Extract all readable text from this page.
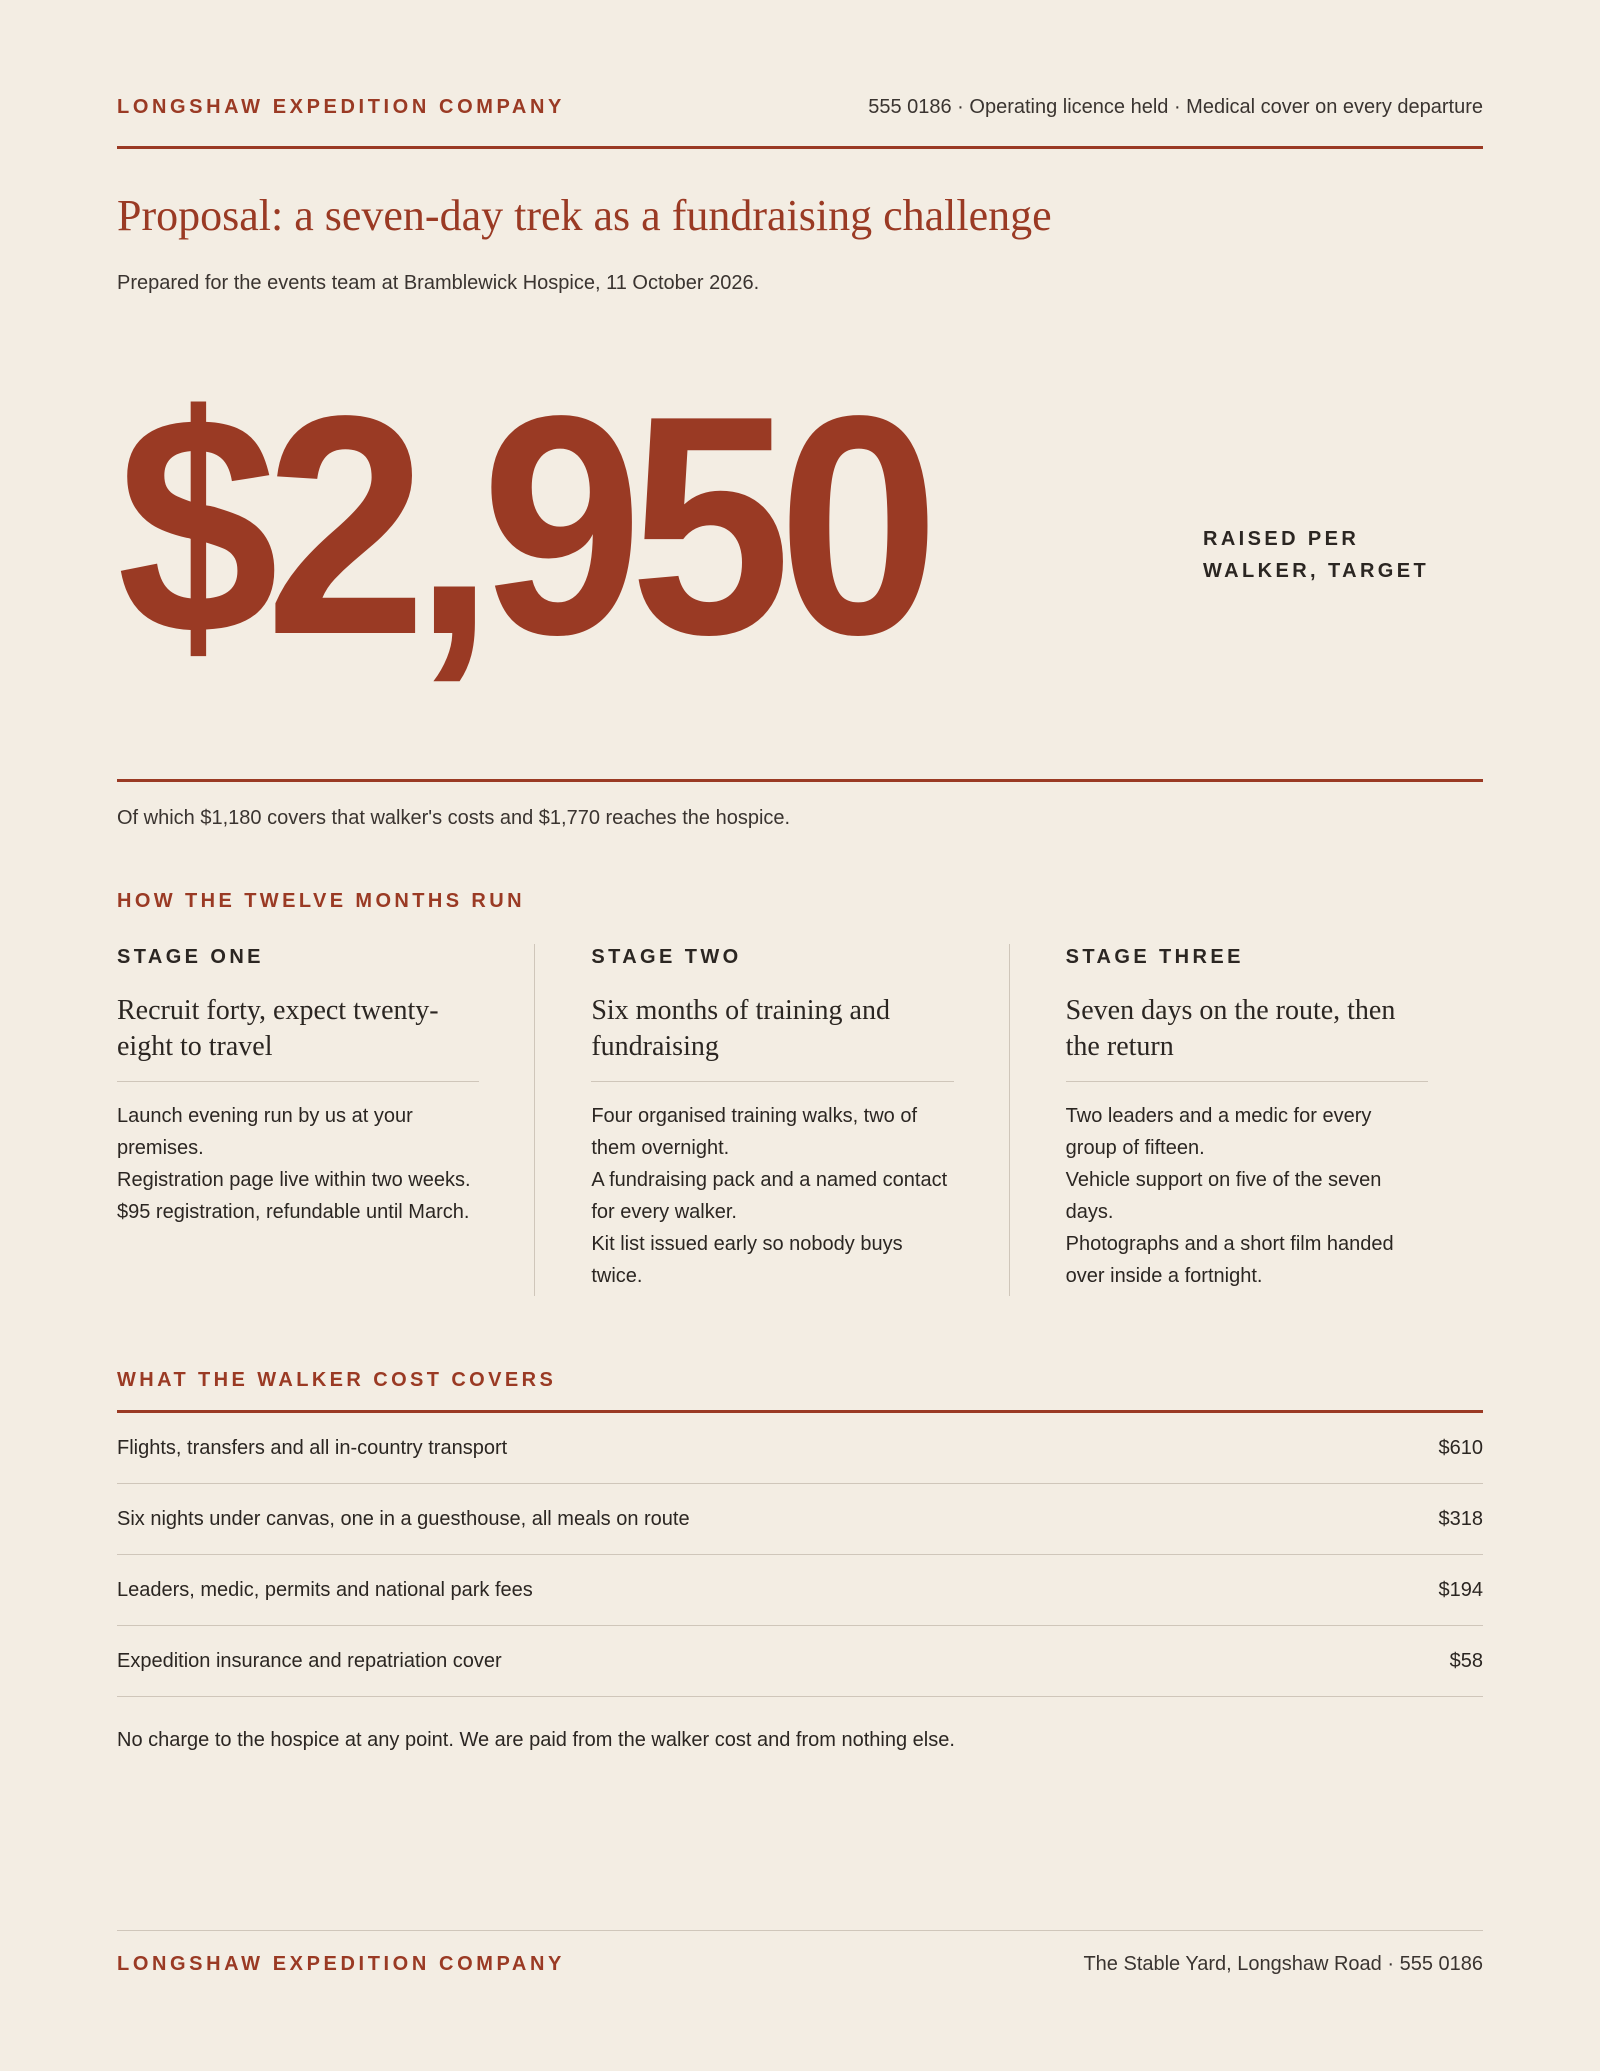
LONGSHAW EXPEDITION COMPANY	555 0186 · Operating licence held · Medical cover on every departure
Proposal: a seven-day trek as a fundraising challenge
Prepared for the events team at Bramblewick Hospice, 11 October 2026.
$2,950	RAISED PER
WALKER, TARGET
Of which $1,180 covers that walker's costs and $1,770 reaches the hospice.
HOW THE TWELVE MONTHS RUN
STAGE ONE
Recruit forty, expect twenty-eight to travel
Launch evening run by us at your premises.
Registration page live within two weeks.
$95 registration, refundable until March.
STAGE TWO
Six months of training and fundraising
Four organised training walks, two of them overnight.
A fundraising pack and a named contact for every walker.
Kit list issued early so nobody buys twice.
STAGE THREE
Seven days on the route, then the return
Two leaders and a medic for every group of fifteen.
Vehicle support on five of the seven days.
Photographs and a short film handed over inside a fortnight.
WHAT THE WALKER COST COVERS
Flights, transfers and all in-country transport	$610
Six nights under canvas, one in a guesthouse, all meals on route	$318
Leaders, medic, permits and national park fees	$194
Expedition insurance and repatriation cover	$58
No charge to the hospice at any point. We are paid from the walker cost and from nothing else.
LONGSHAW EXPEDITION COMPANY	The Stable Yard, Longshaw Road · 555 0186
